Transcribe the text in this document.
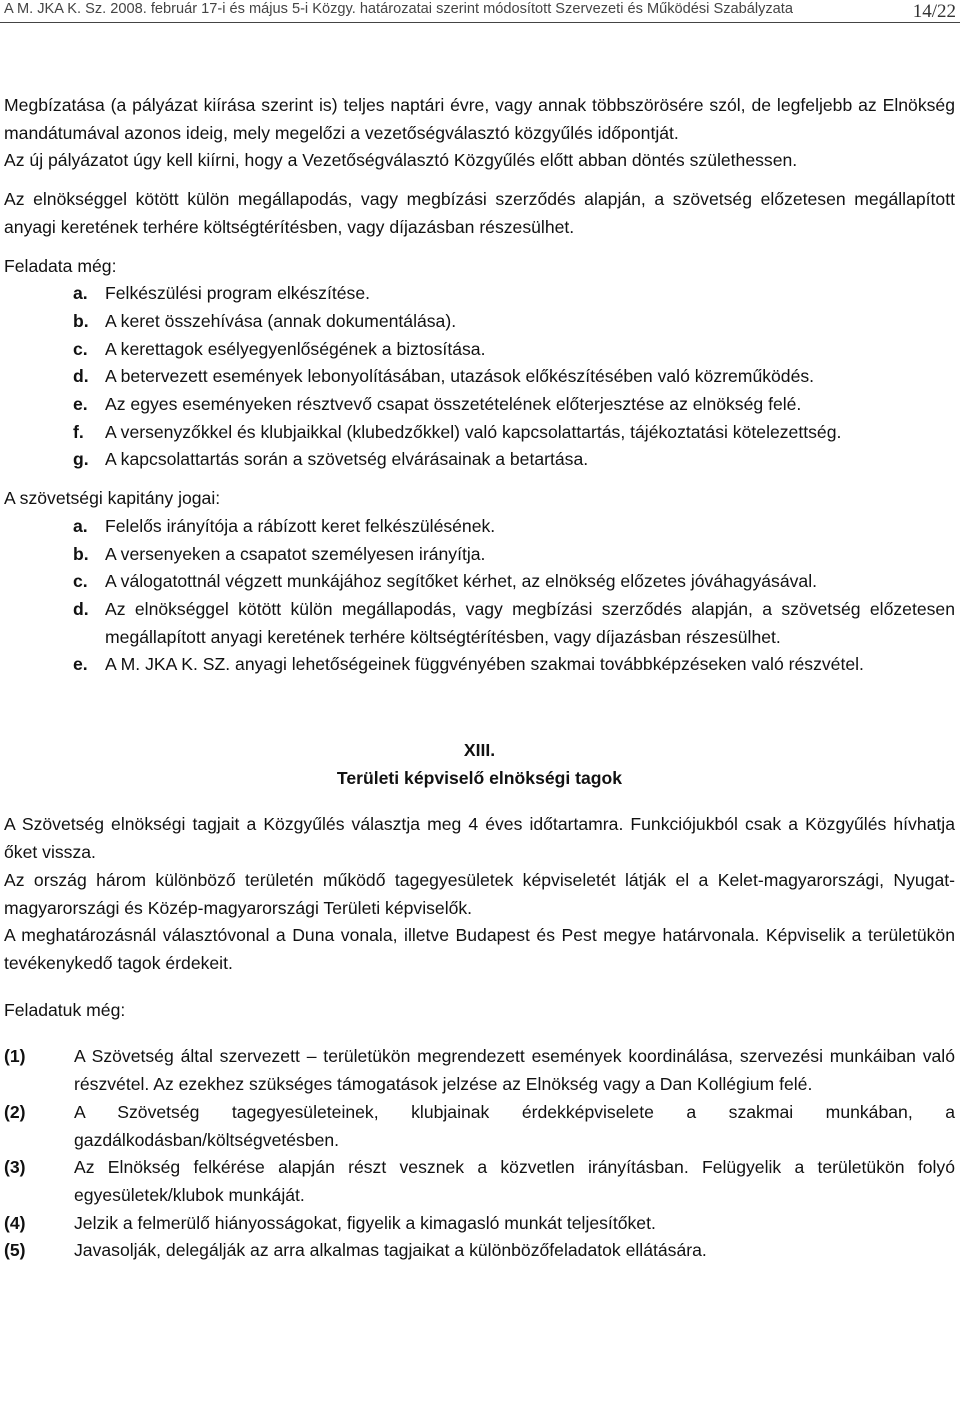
A M. JKA K. Sz. 2008. február 17-i és május 5-i Közgy. határozatai szerint módosított Szervezeti és Működési Szabályzata	14/22

Megbízatása (a pályázat kiírása szerint is) teljes naptári évre, vagy annak többszörösére szól, de legfeljebb az Elnökség mandátumával azonos ideig, mely megelőzi a vezetőségválasztó közgyűlés időpontját.

Az új pályázatot úgy kell kiírni, hogy a Vezetőségválasztó Közgyűlés előtt abban döntés születhessen.

Az elnökséggel kötött külön megállapodás, vagy megbízási szerződés alapján, a szövetség előzetesen megállapított anyagi keretének terhére költségtérítésben, vagy díjazásban részesülhet.

Feladata még:

a. Felkészülési program elkészítése.
b. A keret összehívása (annak dokumentálása).
c. A kerettagok esélyegyenlőségének a biztosítása.
d. A betervezett események lebonyolításában, utazások előkészítésében való közreműködés.
e. Az egyes eseményeken résztvevő csapat összetételének előterjesztése az elnökség felé.
f.	A versenyzőkkel és klubjaikkal (klubedzőkkel) való kapcsolattartás, tájékoztatási kötelezettség.
g. A kapcsolattartás során a szövetség elvárásainak a betartása.

A szövetségi kapitány jogai:

a. Felelős irányítója a rábízott keret felkészülésének.
b. A versenyeken a csapatot személyesen irányítja.
c. A válogatottnál végzett munkájához segítőket kérhet, az elnökség előzetes jóváhagyásával.
d. Az elnökséggel kötött külön megállapodás, vagy megbízási szerződés alapján, a szövetség előzetesen megállapított anyagi keretének terhére költségtérítésben, vagy díjazásban részesülhet.
e. A M. JKA K. SZ. anyagi lehetőségeinek függvényében szakmai továbbképzéseken való részvétel.

XIII.

Területi képviselő elnökségi tagok

A Szövetség elnökségi tagjait a Közgyűlés választja meg 4 éves időtartamra. Funkciójukból csak a Közgyűlés hívhatja őket vissza.

Az ország három különböző területén működő tagegyesületek képviseletét látják el a Kelet-magyarországi, Nyugat-magyarországi és Közép-magyarországi Területi képviselők.

A meghatározásnál választóvonal a Duna vonala, illetve Budapest és Pest megye határvonala. Képviselik a területükön tevékenykedő tagok érdekeit.

Feladatuk még:

(1)	A Szövetség által szervezett – területükön megrendezett események koordinálása, szervezési munkáiban való részvétel. Az ezekhez szükséges támogatások jelzése az Elnökség vagy a Dan Kollégium felé.
(2)	A Szövetség tagegyesületeinek, klubjainak érdekképviselete a szakmai munkában, a gazdálkodásban/költségvetésben.
(3)	Az Elnökség felkérése alapján részt vesznek a közvetlen irányításban. Felügyelik a területükön folyó egyesületek/klubok munkáját.
(4)	Jelzik a felmerülő hiányosságokat, figyelik a kimagasló munkát teljesítőket.
(5)	Javasolják, delegálják az arra alkalmas tagjaikat a különbözőfeladatok ellátására.
